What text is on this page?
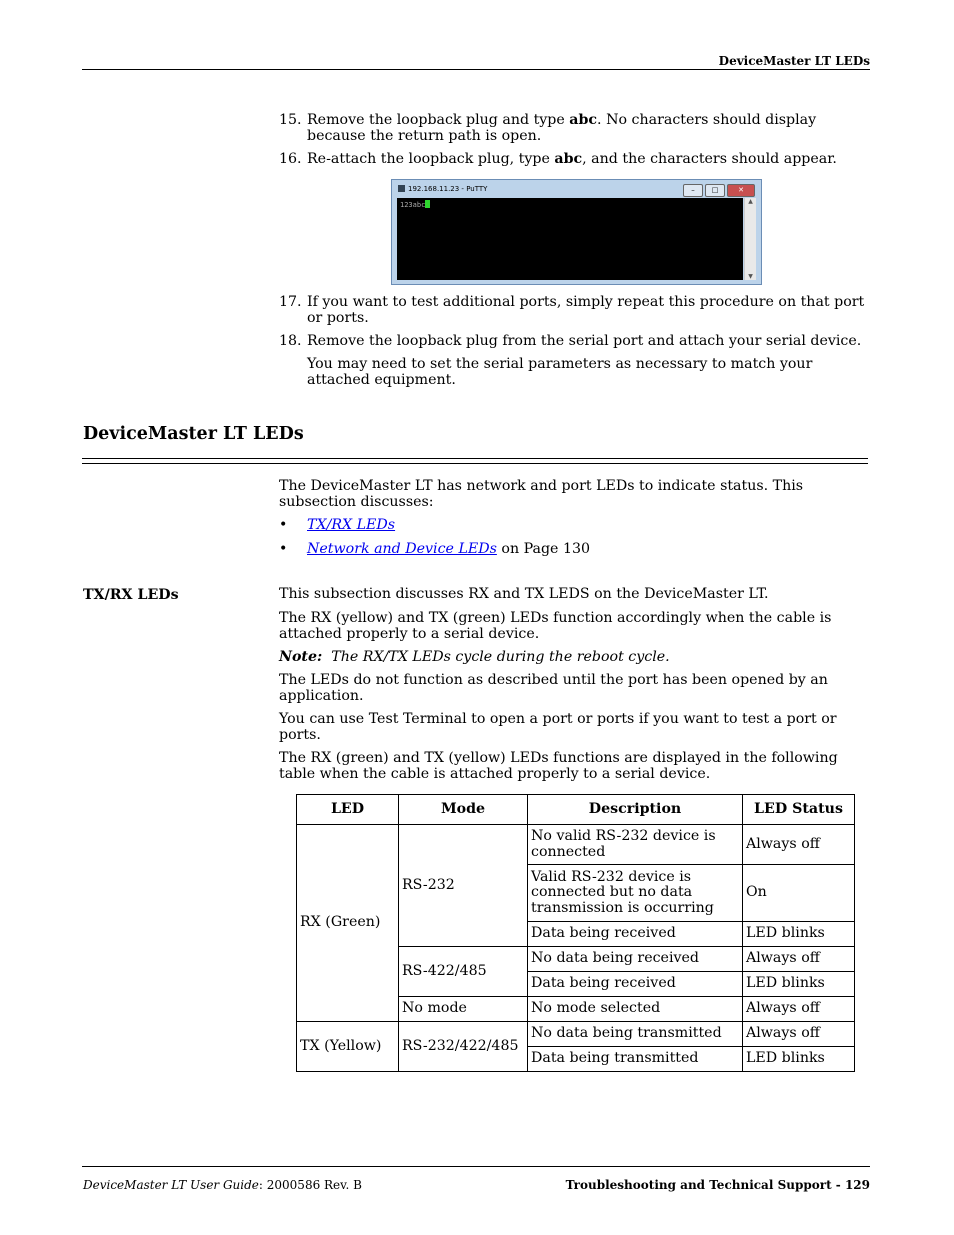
DeviceMaster LT LEDs
15. Remove the loopback plug and type abc. No characters should display because the return path is open.
16. Re-attach the loopback plug, type abc, and the characters should appear.
192.168.11.23 - PuTTY	–	□	✕
123abc	▲
▼
17. If you want to test additional ports, simply repeat this procedure on that port or ports.
18. Remove the loopback plug from the serial port and attach your serial device.
You may need to set the serial parameters as necessary to match your attached equipment.
DeviceMaster LT LEDs
The DeviceMaster LT has network and port LEDs to indicate status. This subsection discusses:
• TX/RX LEDs
• Network and Device LEDs on Page 130
TX/RX LEDs	This subsection discusses RX and TX LEDS on the DeviceMaster LT.
The RX (yellow) and TX (green) LEDs function accordingly when the cable is attached properly to a serial device.
Note: The RX/TX LEDs cycle during the reboot cycle.
The LEDs do not function as described until the port has been opened by an application.
You can use Test Terminal to open a port or ports if you want to test a port or ports.
The RX (green) and TX (yellow) LEDs functions are displayed in the following table when the cable is attached properly to a serial device.
LED	Mode	Description	LED Status
RX (Green)	RS-232	No valid RS-232 device is connected	Always off
		Valid RS-232 device is connected but no data transmission is occurring	On
		Data being received	LED blinks
	RS-422/485	No data being received	Always off
		Data being received	LED blinks
	No mode	No mode selected	Always off
TX (Yellow)	RS-232/422/485	No data being transmitted	Always off
		Data being transmitted	LED blinks
DeviceMaster LT User Guide: 2000586 Rev. B	Troubleshooting and Technical Support - 129
